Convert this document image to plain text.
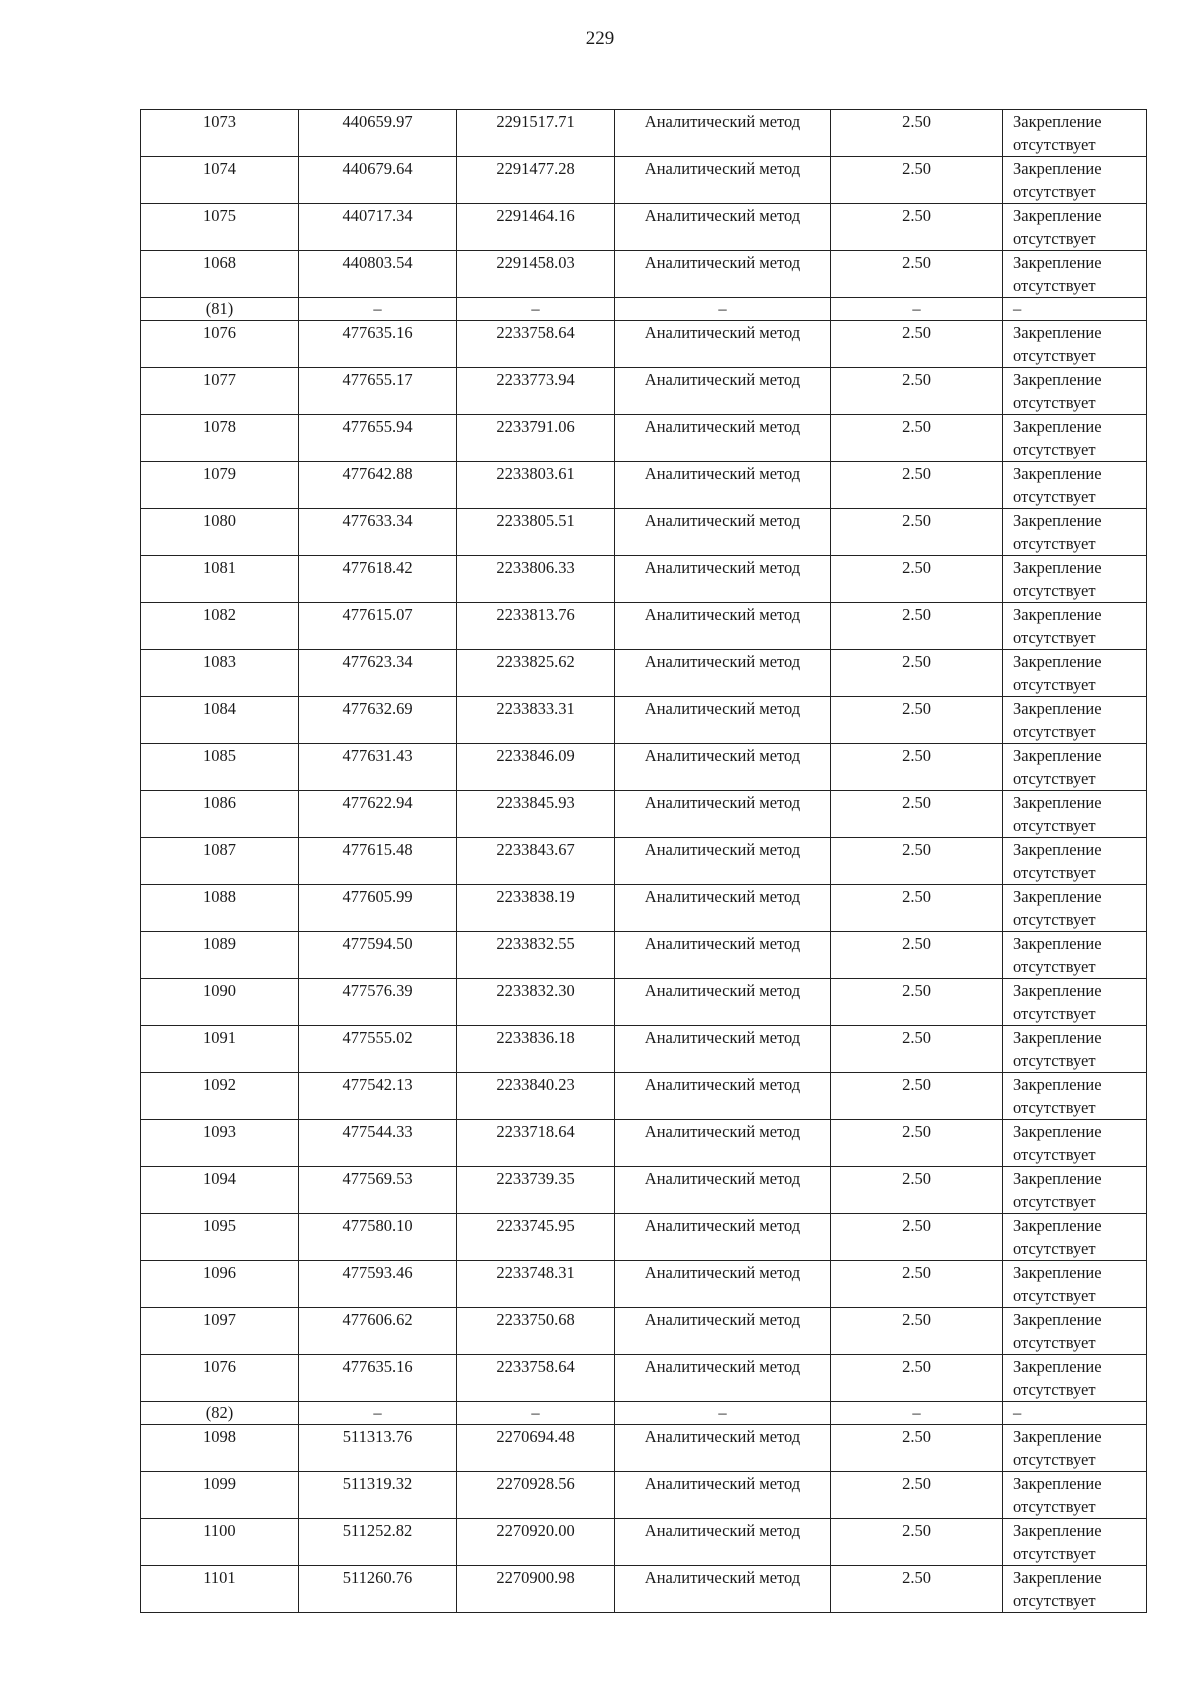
229
1073	440659.97	2291517.71	Аналитический метод	2.50	Закрепление отсутствует
1074	440679.64	2291477.28	Аналитический метод	2.50	Закрепление отсутствует
1075	440717.34	2291464.16	Аналитический метод	2.50	Закрепление отсутствует
1068	440803.54	2291458.03	Аналитический метод	2.50	Закрепление отсутствует
(81)	–	–	–	–	–
1076	477635.16	2233758.64	Аналитический метод	2.50	Закрепление отсутствует
1077	477655.17	2233773.94	Аналитический метод	2.50	Закрепление отсутствует
1078	477655.94	2233791.06	Аналитический метод	2.50	Закрепление отсутствует
1079	477642.88	2233803.61	Аналитический метод	2.50	Закрепление отсутствует
1080	477633.34	2233805.51	Аналитический метод	2.50	Закрепление отсутствует
1081	477618.42	2233806.33	Аналитический метод	2.50	Закрепление отсутствует
1082	477615.07	2233813.76	Аналитический метод	2.50	Закрепление отсутствует
1083	477623.34	2233825.62	Аналитический метод	2.50	Закрепление отсутствует
1084	477632.69	2233833.31	Аналитический метод	2.50	Закрепление отсутствует
1085	477631.43	2233846.09	Аналитический метод	2.50	Закрепление отсутствует
1086	477622.94	2233845.93	Аналитический метод	2.50	Закрепление отсутствует
1087	477615.48	2233843.67	Аналитический метод	2.50	Закрепление отсутствует
1088	477605.99	2233838.19	Аналитический метод	2.50	Закрепление отсутствует
1089	477594.50	2233832.55	Аналитический метод	2.50	Закрепление отсутствует
1090	477576.39	2233832.30	Аналитический метод	2.50	Закрепление отсутствует
1091	477555.02	2233836.18	Аналитический метод	2.50	Закрепление отсутствует
1092	477542.13	2233840.23	Аналитический метод	2.50	Закрепление отсутствует
1093	477544.33	2233718.64	Аналитический метод	2.50	Закрепление отсутствует
1094	477569.53	2233739.35	Аналитический метод	2.50	Закрепление отсутствует
1095	477580.10	2233745.95	Аналитический метод	2.50	Закрепление отсутствует
1096	477593.46	2233748.31	Аналитический метод	2.50	Закрепление отсутствует
1097	477606.62	2233750.68	Аналитический метод	2.50	Закрепление отсутствует
1076	477635.16	2233758.64	Аналитический метод	2.50	Закрепление отсутствует
(82)	–	–	–	–	–
1098	511313.76	2270694.48	Аналитический метод	2.50	Закрепление отсутствует
1099	511319.32	2270928.56	Аналитический метод	2.50	Закрепление отсутствует
1100	511252.82	2270920.00	Аналитический метод	2.50	Закрепление отсутствует
1101	511260.76	2270900.98	Аналитический метод	2.50	Закрепление отсутствует
